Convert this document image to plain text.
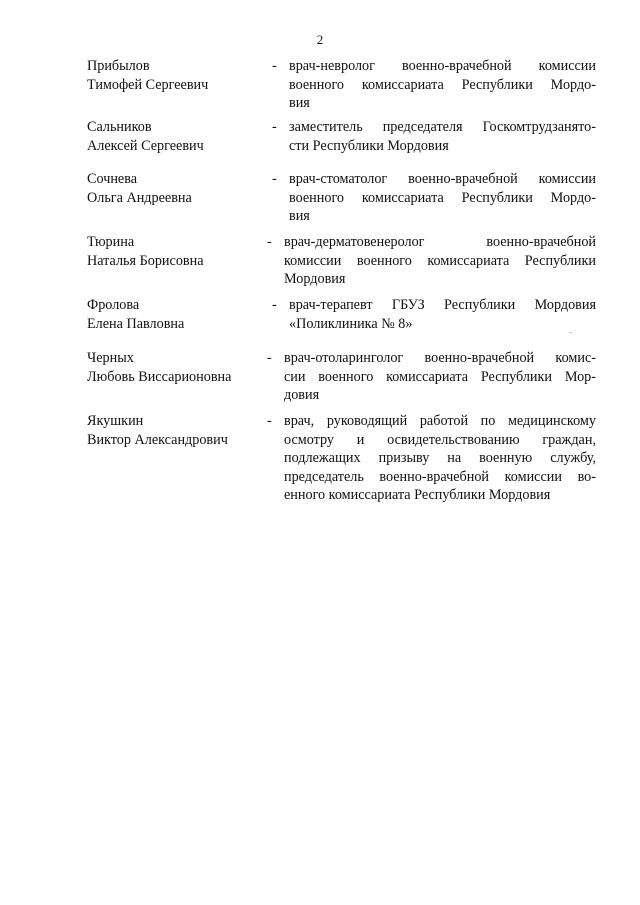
2
Прибылов
Тимофей Сергеевич
- врач-невролог военно-врачебной комиссии
военного комиссариата Республики Мордо-
вия
Сальников
Алексей Сергеевич
- заместитель председателя Госкомтрудзанято-
сти Республики Мордовия
Сочнева
Ольга Андреевна
- врач-стоматолог военно-врачебной комиссии
военного комиссариата Республики Мордо-
вия
Тюрина
Наталья Борисовна
- врач-дерматовенеролог военно-врачебной
комиссии военного комиссариата Республики
Мордовия
Фролова
Елена Павловна
- врач-терапевт ГБУЗ Республики Мордовия
«Поликлиника № 8»
Черных
Любовь Виссарионовна
- врач-отоларинголог военно-врачебной комис-
сии военного комиссариата Республики Мор-
довия
Якушкин
Виктор Александрович
- врач, руководящий работой по медицинскому
осмотру и освидетельствованию граждан,
подлежащих призыву на военную службу,
председатель военно-врачебной комиссии во-
енного комиссариата Республики Мордовия
